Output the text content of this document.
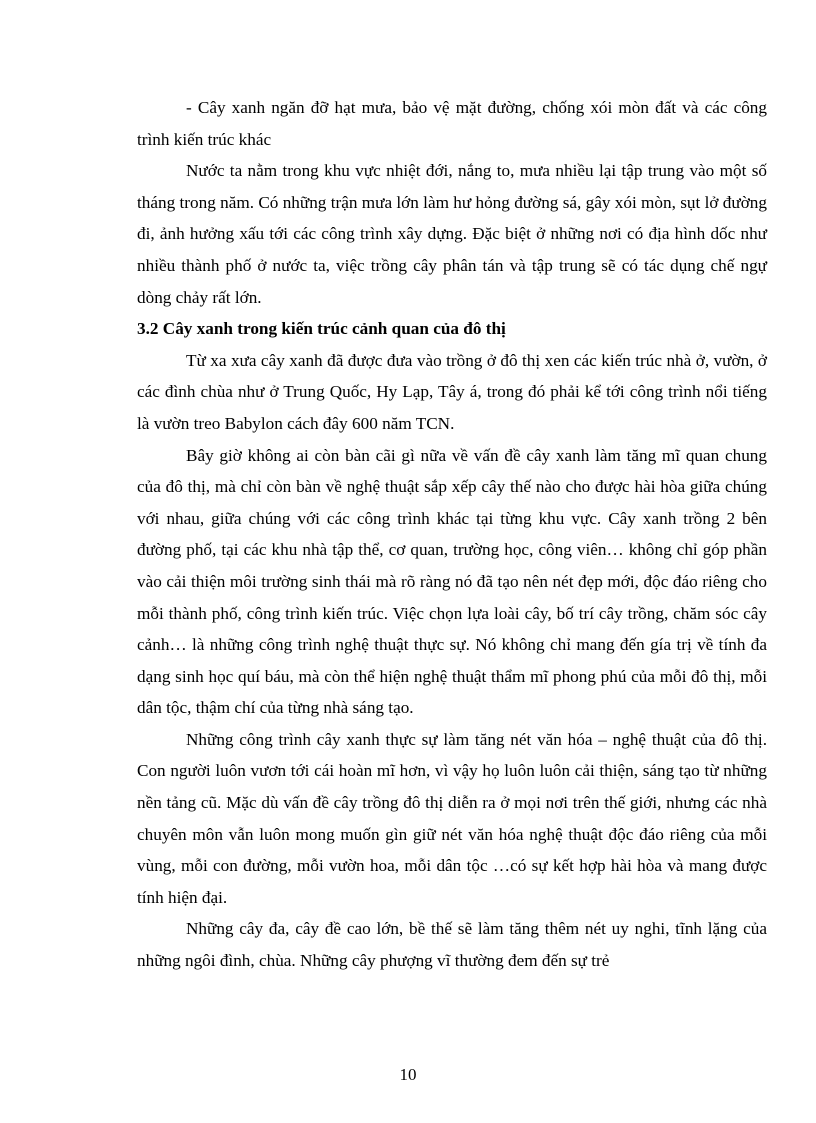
- Cây xanh ngăn đỡ hạt mưa, bảo vệ mặt đường, chống xói mòn đất và các công trình kiến trúc khác

Nước ta nằm trong khu vực nhiệt đới, nắng to, mưa nhiều lại tập trung vào một số tháng trong năm. Có những trận mưa lớn làm hư hỏng đường sá, gây xói mòn, sụt lở đường đi, ảnh hưởng xấu tới các công trình xây dựng. Đặc biệt ở những nơi có địa hình dốc như nhiều thành phố ở nước ta, việc trồng cây phân tán và tập trung sẽ có tác dụng chế ngự dòng chảy rất lớn.

3.2 Cây xanh trong kiến trúc cảnh quan của đô thị

Từ xa xưa cây xanh đã được đưa vào trồng ở đô thị xen các kiến trúc nhà ở, vườn, ở các đình chùa như ở Trung Quốc, Hy Lạp, Tây á, trong đó phải kể tới công trình nổi tiếng là vườn treo Babylon cách đây 600 năm TCN.

Bây giờ không ai còn bàn cãi gì nữa về vấn đề cây xanh làm tăng mĩ quan chung của đô thị, mà chỉ còn bàn về nghệ thuật sắp xếp cây thế nào cho được hài hòa giữa chúng với nhau, giữa chúng với các công trình khác tại từng khu vực. Cây xanh trồng 2 bên đường phố, tại các khu nhà tập thể, cơ quan, trường học, công viên… không chỉ góp phần vào cải thiện môi trường sinh thái mà rõ ràng nó đã tạo nên nét đẹp mới, độc đáo riêng cho mỗi thành phố, công trình kiến trúc. Việc chọn lựa loài cây, bố trí cây trồng, chăm sóc cây cảnh… là những công trình nghệ thuật thực sự. Nó không chỉ mang đến gía trị về tính đa dạng sinh học quí báu, mà còn thể hiện nghệ thuật thẩm mĩ phong phú của mỗi đô thị, mỗi dân tộc, thậm chí của từng nhà sáng tạo.

Những công trình cây xanh thực sự làm tăng nét văn hóa – nghệ thuật của đô thị. Con người luôn vươn tới cái hoàn mĩ hơn, vì vậy họ luôn luôn cải thiện, sáng tạo từ những nền tảng cũ. Mặc dù vấn đề cây trồng đô thị diễn ra ở mọi nơi trên thế giới, nhưng các nhà chuyên môn vẫn luôn mong muốn gìn giữ nét văn hóa nghệ thuật độc đáo riêng của mỗi vùng, mỗi con đường, mỗi vườn hoa, mỗi dân tộc …có sự kết hợp hài hòa và mang được tính hiện đại.

Những cây đa, cây đề cao lớn, bề thế sẽ làm tăng thêm nét uy nghi, tĩnh lặng của những ngôi đình, chùa. Những cây phượng vĩ thường đem đến sự trẻ

10
